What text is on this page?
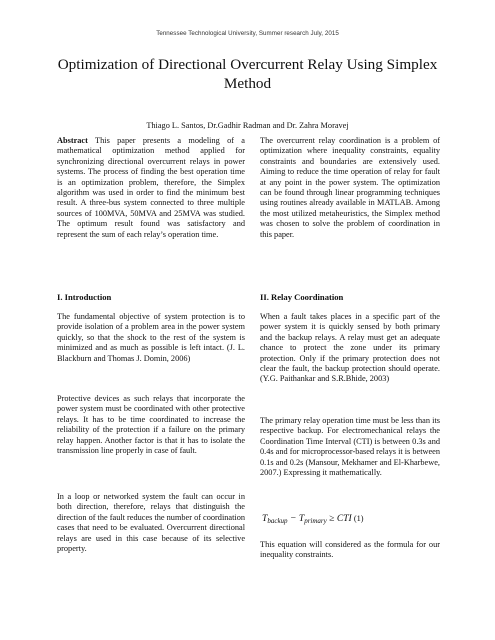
Tennessee Technological University, Summer research July, 2015
Optimization of Directional Overcurrent Relay Using Simplex Method
Thiago L. Santos, Dr.Gadhir Radman and Dr. Zahra Moravej

Abstract This paper presents a modeling of a mathematical optimization method applied for synchronizing directional overcurrent relays in power systems. The process of finding the best operation time is an optimization problem, therefore, the Simplex algorithm was used in order to find the minimum best result. A three-bus system connected to three multiple sources of 100MVA, 50MVA and 25MVA was studied. The optimum result found was satisfactory and represent the sum of each relay’s operation time.

The overcurrent relay coordination is a problem of optimization where inequality constraints, equality constraints and boundaries are extensively used. Aiming to reduce the time operation of relay for fault at any point in the power system. The optimization can be found through linear programming techniques using routines already available in MATLAB. Among the most utilized metaheuristics, the Simplex method was chosen to solve the problem of coordination in this paper.

I. Introduction	II. Relay Coordination

The fundamental objective of system protection is to provide isolation of a problem area in the power system quickly, so that the shock to the rest of the system is minimized and as much as possible is left intact. (J. L. Blackburn and Thomas J. Domin, 2006)

Protective devices as such relays that incorporate the power system must be coordinated with other protective relays. It has to be time coordinated to increase the reliability of the protection if a failure on the primary relay happen. Another factor is that it has to isolate the transmission line properly in case of fault.

In a loop or networked system the fault can occur in both direction, therefore, relays that distinguish the direction of the fault reduces the number of coordination cases that need to be evaluated. Overcurrent directional relays are used in this case because of its selective property.

When a fault takes places in a specific part of the power system it is quickly sensed by both primary and the backup relays. A relay must get an adequate chance to protect the zone under its primary protection. Only if the primary protection does not clear the fault, the backup protection should operate.(Y.G. Paithankar and S.R.Bhide, 2003)

The primary relay operation time must be less than its respective backup. For electromechanical relays the Coordination Time Interval (CTI) is between 0.3s and 0.4s and for microprocessor-based relays it is between 0.1s and 0.2s (Mansour, Mekhamer and El-Kharbewe, 2007.) Expressing it mathematically.

$T_{backup} - T_{primary}$ ≥ CTI (1)

This equation will considered as the formula for our inequality constraints.
